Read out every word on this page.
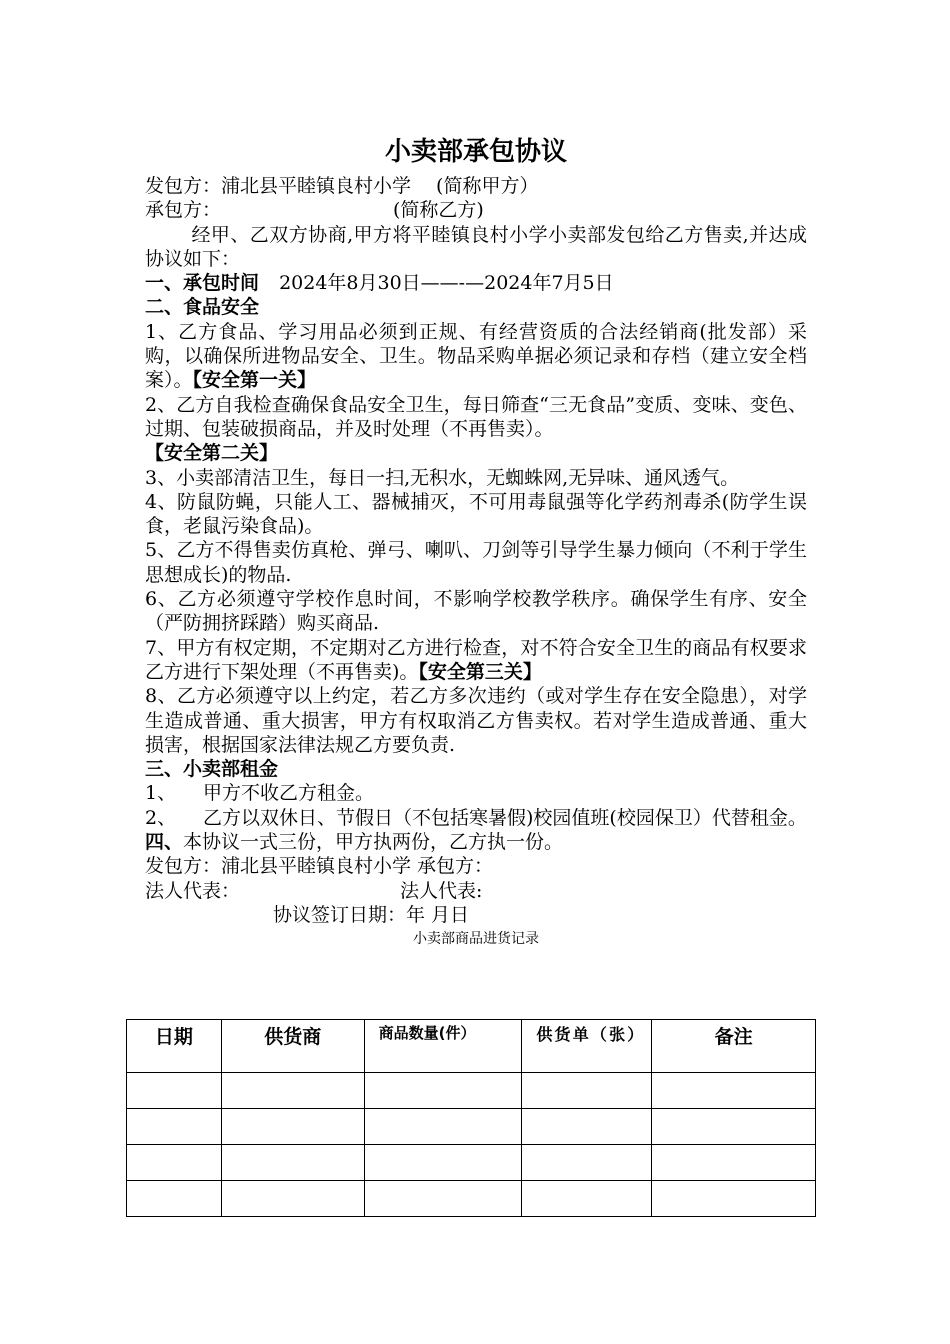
小卖部承包协议
发包方：浦北县平睦镇良村小学　 (简称甲方）
承包方：	(简称乙方)
经甲、乙双方协商,甲方将平睦镇良村小学小卖部发包给乙方售卖,并达成协议如下：
一、承包时间 2024年8月30日——-—2024年7月5日
二、食品安全
1、乙方食品、学习用品必须到正规、有经营资质的合法经销商(批发部）采购，以确保所进物品安全、卫生。物品采购单据必须记录和存档（建立安全档案）。【安全第一关】
2、乙方自我检查确保食品安全卫生，每日筛查“三无食品”变质、变味、变色、过期、包装破损商品，并及时处理（不再售卖）。
【安全第二关】
3、小卖部清洁卫生，每日一扫,无积水，无蜘蛛网,无异味、通风透气。
4、防鼠防蝇，只能人工、器械捕灭，不可用毒鼠强等化学药剂毒杀(防学生误食，老鼠污染食品)。
5、乙方不得售卖仿真枪、弹弓、喇叭、刀剑等引导学生暴力倾向（不利于学生思想成长)的物品.
6、乙方必须遵守学校作息时间，不影响学校教学秩序。确保学生有序、安全（严防拥挤踩踏）购买商品.
7、甲方有权定期，不定期对乙方进行检查，对不符合安全卫生的商品有权要求乙方进行下架处理（不再售卖)。【安全第三关】
8、乙方必须遵守以上约定，若乙方多次违约（或对学生存在安全隐患），对学生造成普通、重大损害，甲方有权取消乙方售卖权。若对学生造成普通、重大损害，根据国家法律法规乙方要负责.
三、小卖部租金
1、	甲方不收乙方租金。
2、	乙方以双休日、节假日（不包括寒暑假)校园值班(校园保卫）代替租金。
四、本协议一式三份，甲方执两份，乙方执一份。
发包方：浦北县平睦镇良村小学 承包方：
法人代表：	法人代表:
协议签订日期：年 月日
小卖部商品进货记录
日期	供货商	商品数量(件）	供货单（张）	备注
